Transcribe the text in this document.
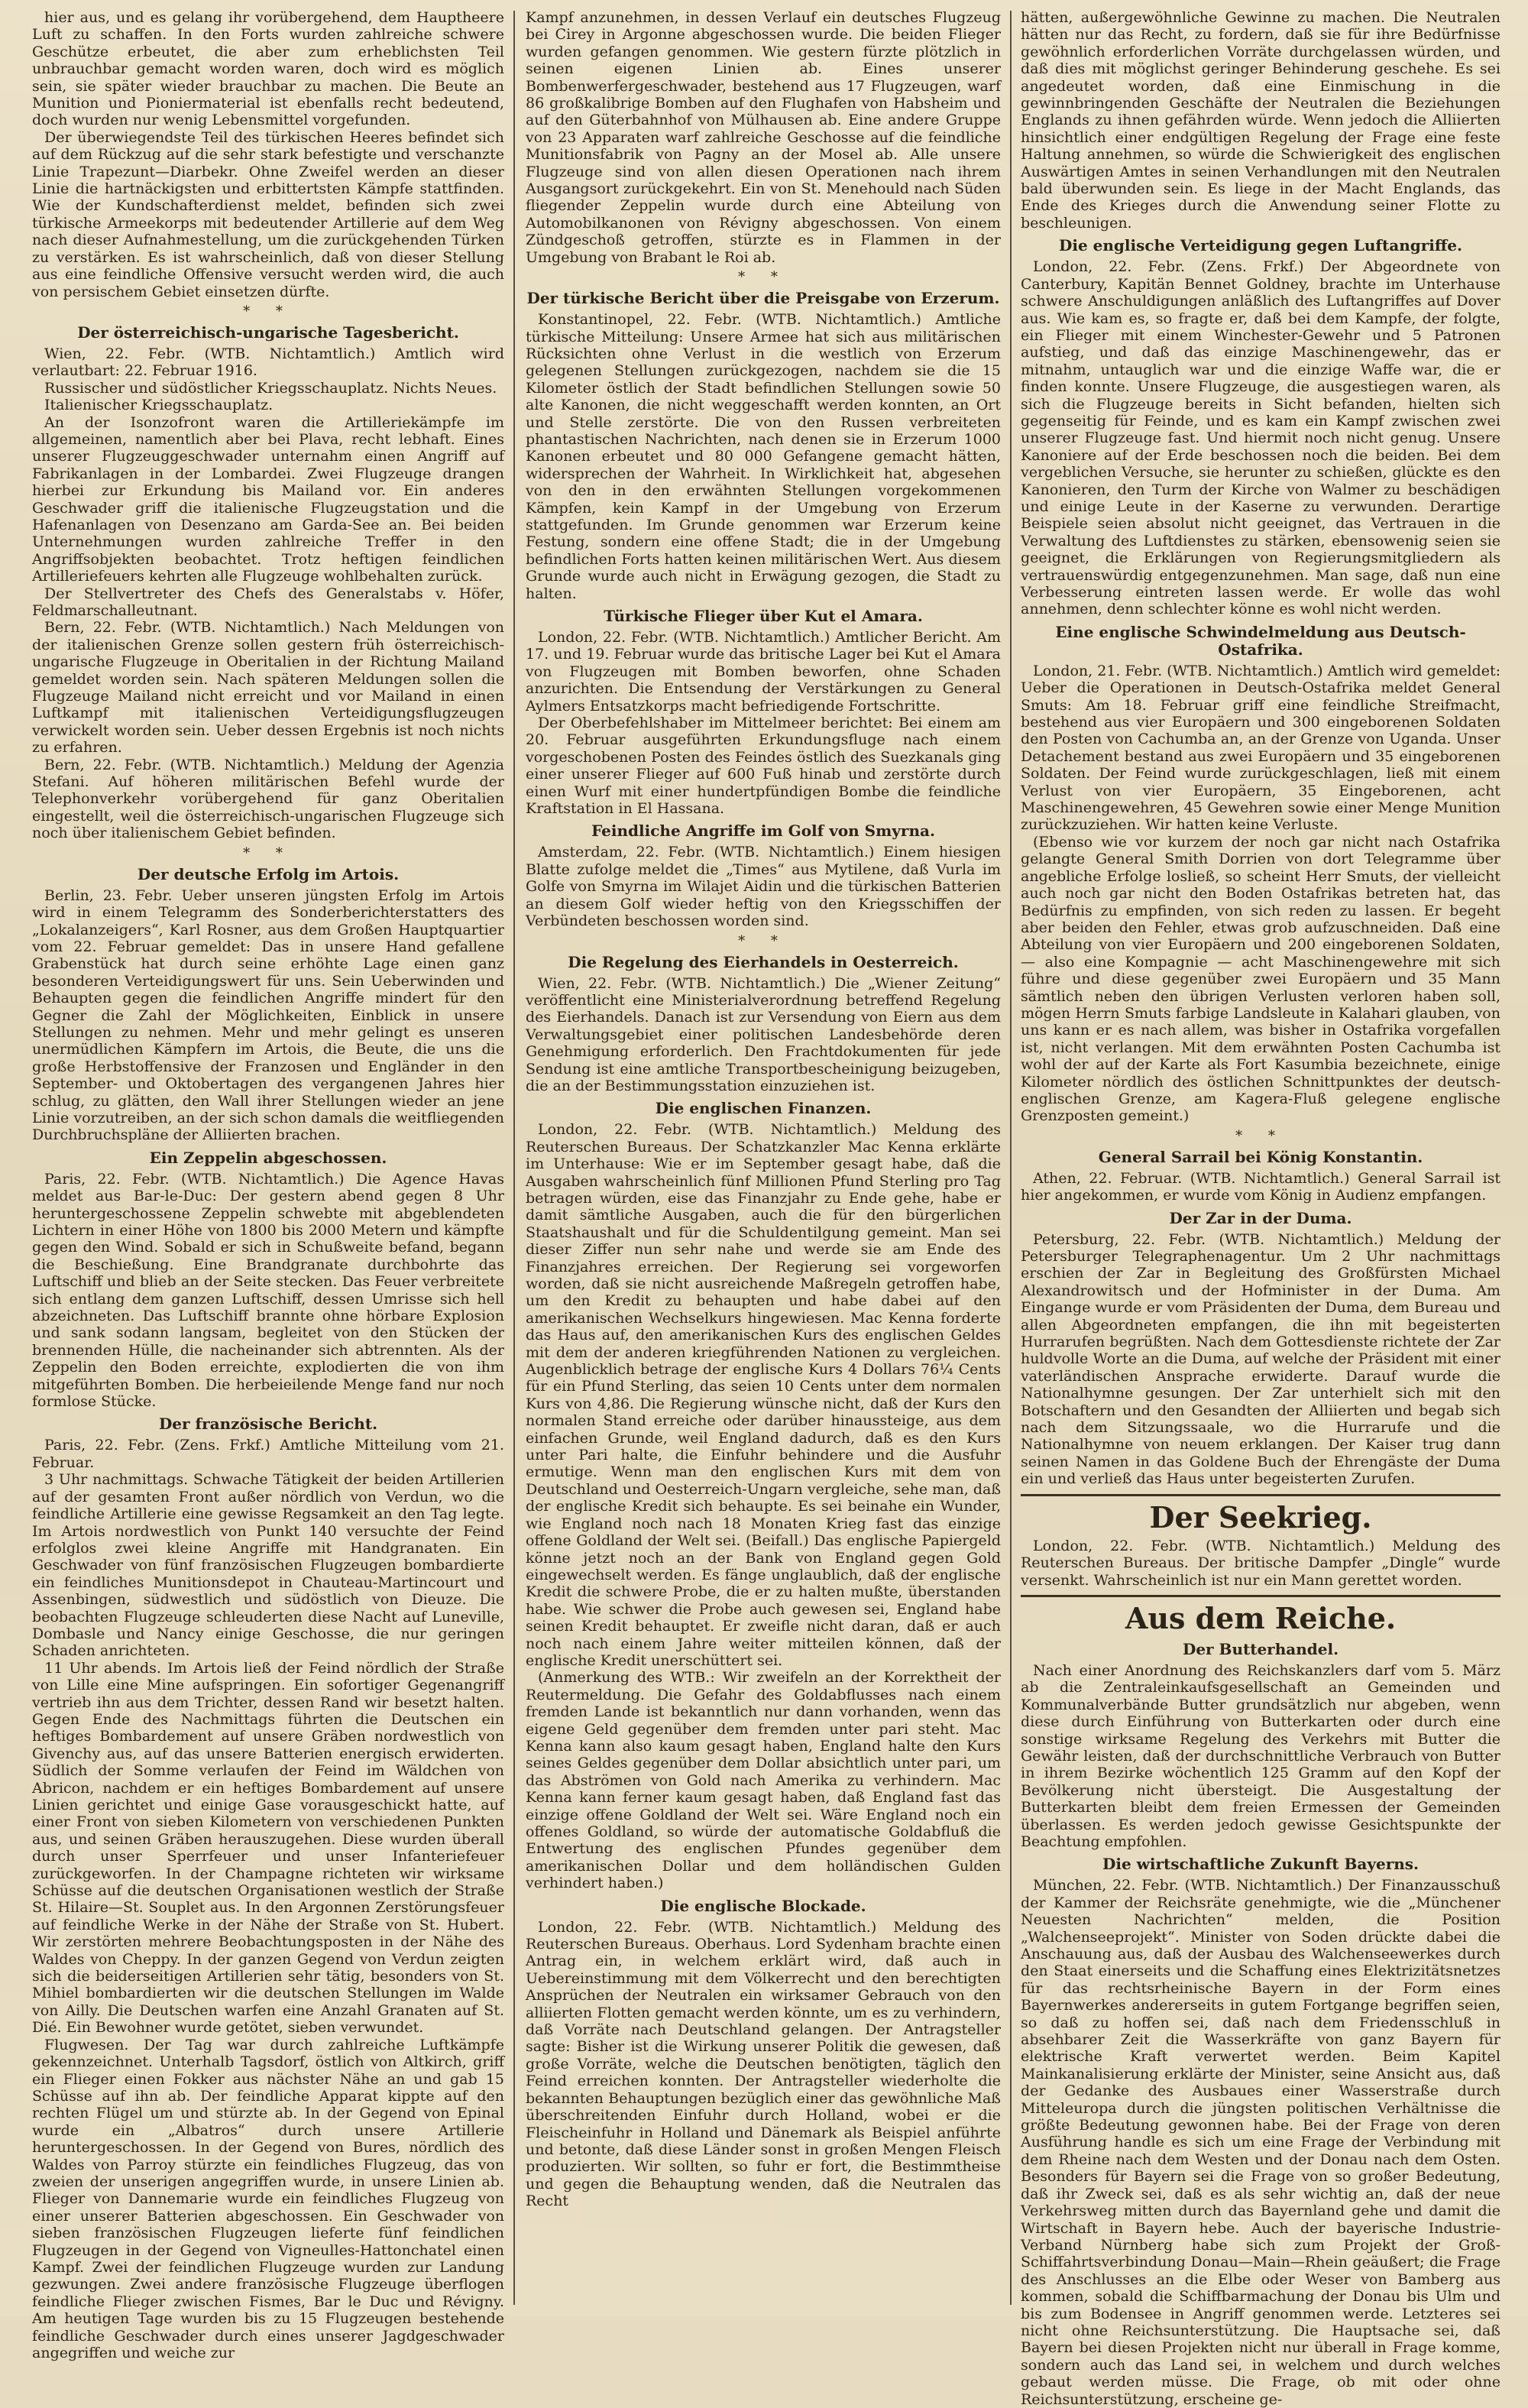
hier aus, und es gelang ihr vorübergehend, dem Hauptheere Luft zu schaffen. In den Forts wurden zahlreiche schwere Geschütze erbeutet, die aber zum erheblichsten Teil unbrauchbar gemacht worden waren, doch wird es möglich sein, sie später wieder brauchbar zu machen. Die Beute an Munition und Pioniermaterial ist ebenfalls recht bedeutend, doch wurden nur wenig Lebensmittel vorgefunden.

Der überwiegendste Teil des türkischen Heeres befindet sich auf dem Rückzug auf die sehr stark befestigte und verschanzte Linie Trapezunt—Diarbekr. Ohne Zweifel werden an dieser Linie die hartnäckigsten und erbittertsten Kämpfe stattfinden. Wie der Kundschafterdienst meldet, befinden sich zwei türkische Armeekorps mit bedeutender Artillerie auf dem Weg nach dieser Aufnahmestellung, um die zurückgehenden Türken zu verstärken. Es ist wahrscheinlich, daß von dieser Stellung aus eine feindliche Offensive versucht werden wird, die auch von persischem Gebiet einsetzen dürfte.

* *
Der österreichisch-ungarische Tagesbericht.

Wien, 22. Febr. (WTB. Nichtamtlich.) Amtlich wird verlautbart: 22. Februar 1916.

Russischer und südöstlicher Kriegsschauplatz. Nichts Neues.

Italienischer Kriegsschauplatz.

An der Isonzofront waren die Artilleriekämpfe im allgemeinen, namentlich aber bei Plava, recht lebhaft. Eines unserer Flugzeuggeschwader unternahm einen Angriff auf Fabrikanlagen in der Lombardei. Zwei Flugzeuge drangen hierbei zur Erkundung bis Mailand vor. Ein anderes Geschwader griff die italienische Flugzeugstation und die Hafenanlagen von Desenzano am Garda-See an. Bei beiden Unternehmungen wurden zahlreiche Treffer in den Angriffsobjekten beobachtet. Trotz heftigen feindlichen Artilleriefeuers kehrten alle Flugzeuge wohlbehalten zurück.

Der Stellvertreter des Chefs des Generalstabs v. Höfer, Feldmarschalleutnant.

Bern, 22. Febr. (WTB. Nichtamtlich.) Nach Meldungen von der italienischen Grenze sollen gestern früh österreichisch-ungarische Flugzeuge in Oberitalien in der Richtung Mailand gemeldet worden sein. Nach späteren Meldungen sollen die Flugzeuge Mailand nicht erreicht und vor Mailand in einen Luftkampf mit italienischen Verteidigungsflugzeugen verwickelt worden sein. Ueber dessen Ergebnis ist noch nichts zu erfahren.

Bern, 22. Febr. (WTB. Nichtamtlich.) Meldung der Agenzia Stefani. Auf höheren militärischen Befehl wurde der Telephonverkehr vorübergehend für ganz Oberitalien eingestellt, weil die österreichisch-ungarischen Flugzeuge sich noch über italienischem Gebiet befinden.

* *
Der deutsche Erfolg im Artois.

Berlin, 23. Febr. Ueber unseren jüngsten Erfolg im Artois wird in einem Telegramm des Sonderberichterstatters des „Lokalanzeigers“, Karl Rosner, aus dem Großen Hauptquartier vom 22. Februar gemeldet: Das in unsere Hand gefallene Grabenstück hat durch seine erhöhte Lage einen ganz besonderen Verteidigungswert für uns. Sein Ueberwinden und Behaupten gegen die feindlichen Angriffe mindert für den Gegner die Zahl der Möglichkeiten, Einblick in unsere Stellungen zu nehmen. Mehr und mehr gelingt es unseren unermüdlichen Kämpfern im Artois, die Beute, die uns die große Herbstoffensive der Franzosen und Engländer in den September- und Oktobertagen des vergangenen Jahres hier schlug, zu glätten, den Wall ihrer Stellungen wieder an jene Linie vorzutreiben, an der sich schon damals die weitfliegenden Durchbruchspläne der Alliierten brachen.

Ein Zeppelin abgeschossen.

Paris, 22. Febr. (WTB. Nichtamtlich.) Die Agence Havas meldet aus Bar-le-Duc: Der gestern abend gegen 8 Uhr heruntergeschossene Zeppelin schwebte mit abgeblendeten Lichtern in einer Höhe von 1800 bis 2000 Metern und kämpfte gegen den Wind. Sobald er sich in Schußweite befand, begann die Beschießung. Eine Brandgranate durchbohrte das Luftschiff und blieb an der Seite stecken. Das Feuer verbreitete sich entlang dem ganzen Luftschiff, dessen Umrisse sich hell abzeichneten. Das Luftschiff brannte ohne hörbare Explosion und sank sodann langsam, begleitet von den Stücken der brennenden Hülle, die nacheinander sich abtrennten. Als der Zeppelin den Boden erreichte, explodierten die von ihm mitgeführten Bomben. Die herbeieilende Menge fand nur noch formlose Stücke.

Der französische Bericht.

Paris, 22. Febr. (Zens. Frkf.) Amtliche Mitteilung vom 21. Februar.

3 Uhr nachmittags. Schwache Tätigkeit der beiden Artillerien auf der gesamten Front außer nördlich von Verdun, wo die feindliche Artillerie eine gewisse Regsamkeit an den Tag legte. Im Artois nordwestlich von Punkt 140 versuchte der Feind erfolglos zwei kleine Angriffe mit Handgranaten. Ein Geschwader von fünf französischen Flugzeugen bombardierte ein feindliches Munitionsdepot in Chauteau-Martincourt und Assenbingen, südwestlich und südöstlich von Dieuze. Die beobachten Flugzeuge schleuderten diese Nacht auf Luneville, Dombasle und Nancy einige Geschosse, die nur geringen Schaden anrichteten.

11 Uhr abends. Im Artois ließ der Feind nördlich der Straße von Lille eine Mine aufspringen. Ein sofortiger Gegenangriff vertrieb ihn aus dem Trichter, dessen Rand wir besetzt halten. Gegen Ende des Nachmittags führten die Deutschen ein heftiges Bombardement auf unsere Gräben nordwestlich von Givenchy aus, auf das unsere Batterien energisch erwiderten. Südlich der Somme verlaufen der Feind im Wäldchen von Abricon, nachdem er ein heftiges Bombardement auf unsere Linien gerichtet und einige Gase vorausgeschickt hatte, auf einer Front von sieben Kilometern von verschiedenen Punkten aus, und seinen Gräben herauszugehen. Diese wurden überall durch unser Sperrfeuer und unser Infanteriefeuer zurückgeworfen. In der Champagne richteten wir wirksame Schüsse auf die deutschen Organisationen westlich der Straße St. Hilaire—St. Souplet aus. In den Argonnen Zerstörungsfeuer auf feindliche Werke in der Nähe der Straße von St. Hubert. Wir zerstörten mehrere Beobachtungsposten in der Nähe des Waldes von Cheppy. In der ganzen Gegend von Verdun zeigten sich die beiderseitigen Artillerien sehr tätig, besonders von St. Mihiel bombardierten wir die deutschen Stellungen im Walde von Ailly. Die Deutschen warfen eine Anzahl Granaten auf St. Dié. Ein Bewohner wurde getötet, sieben verwundet.

Flugwesen. Der Tag war durch zahlreiche Luftkämpfe gekennzeichnet. Unterhalb Tagsdorf, östlich von Altkirch, griff ein Flieger einen Fokker aus nächster Nähe an und gab 15 Schüsse auf ihn ab. Der feindliche Apparat kippte auf den rechten Flügel um und stürzte ab. In der Gegend von Epinal wurde ein „Albatros“ durch unsere Artillerie heruntergeschossen. In der Gegend von Bures, nördlich des Waldes von Parroy stürzte ein feindliches Flugzeug, das von zweien der unserigen angegriffen wurde, in unsere Linien ab. Flieger von Dannemarie wurde ein feindliches Flugzeug von einer unserer Batterien abgeschossen. Ein Geschwader von sieben französischen Flugzeugen lieferte fünf feindlichen Flugzeugen in der Gegend von Vigneulles-Hattonchatel einen Kampf. Zwei der feindlichen Flugzeuge wurden zur Landung gezwungen. Zwei andere französische Flugzeuge überflogen feindliche Flieger zwischen Fismes, Bar le Duc und Révigny. Am heutigen Tage wurden bis zu 15 Flugzeugen bestehende feindliche Geschwader durch eines unserer Jagdgeschwader angegriffen und weiche zur

Kampf anzunehmen, in dessen Verlauf ein deutsches Flugzeug bei Cirey in Argonne abgeschossen wurde. Die beiden Flieger wurden gefangen genommen. Wie gestern fürzte plötzlich in seinen eigenen Linien ab. Eines unserer Bombenwerfergeschwader, bestehend aus 17 Flugzeugen, warf 86 großkalibrige Bomben auf den Flughafen von Habsheim und auf den Güterbahnhof von Mülhausen ab. Eine andere Gruppe von 23 Apparaten warf zahlreiche Geschosse auf die feindliche Munitionsfabrik von Pagny an der Mosel ab. Alle unsere Flugzeuge sind von allen diesen Operationen nach ihrem Ausgangsort zurückgekehrt. Ein von St. Menehould nach Süden fliegender Zeppelin wurde durch eine Abteilung von Automobilkanonen von Révigny abgeschossen. Von einem Zündgeschoß getroffen, stürzte es in Flammen in der Umgebung von Brabant le Roi ab.

* *
Der türkische Bericht über die Preisgabe von Erzerum.

Konstantinopel, 22. Febr. (WTB. Nichtamtlich.) Amtliche türkische Mitteilung: Unsere Armee hat sich aus militärischen Rücksichten ohne Verlust in die westlich von Erzerum gelegenen Stellungen zurückgezogen, nachdem sie die 15 Kilometer östlich der Stadt befindlichen Stellungen sowie 50 alte Kanonen, die nicht weggeschafft werden konnten, an Ort und Stelle zerstörte. Die von den Russen verbreiteten phantastischen Nachrichten, nach denen sie in Erzerum 1000 Kanonen erbeutet und 80 000 Gefangene gemacht hätten, widersprechen der Wahrheit. In Wirklichkeit hat, abgesehen von den in den erwähnten Stellungen vorgekommenen Kämpfen, kein Kampf in der Umgebung von Erzerum stattgefunden. Im Grunde genommen war Erzerum keine Festung, sondern eine offene Stadt; die in der Umgebung befindlichen Forts hatten keinen militärischen Wert. Aus diesem Grunde wurde auch nicht in Erwägung gezogen, die Stadt zu halten.

Türkische Flieger über Kut el Amara.

London, 22. Febr. (WTB. Nichtamtlich.) Amtlicher Bericht. Am 17. und 19. Februar wurde das britische Lager bei Kut el Amara von Flugzeugen mit Bomben beworfen, ohne Schaden anzurichten. Die Entsendung der Verstärkungen zu General Aylmers Entsatzkorps macht befriedigende Fortschritte.

Der Oberbefehlshaber im Mittelmeer berichtet: Bei einem am 20. Februar ausgeführten Erkundungsfluge nach einem vorgeschobenen Posten des Feindes östlich des Suezkanals ging einer unserer Flieger auf 600 Fuß hinab und zerstörte durch einen Wurf mit einer hundertpfündigen Bombe die feindliche Kraftstation in El Hassana.

Feindliche Angriffe im Golf von Smyrna.

Amsterdam, 22. Febr. (WTB. Nichtamtlich.) Einem hiesigen Blatte zufolge meldet die „Times“ aus Mytilene, daß Vurla im Golfe von Smyrna im Wilajet Aidin und die türkischen Batterien an diesem Golf wieder heftig von den Kriegsschiffen der Verbündeten beschossen worden sind.

* *
Die Regelung des Eierhandels in Oesterreich.

Wien, 22. Febr. (WTB. Nichtamtlich.) Die „Wiener Zeitung“ veröffentlicht eine Ministerialverordnung betreffend Regelung des Eierhandels. Danach ist zur Versendung von Eiern aus dem Verwaltungsgebiet einer politischen Landesbehörde deren Genehmigung erforderlich. Den Frachtdokumenten für jede Sendung ist eine amtliche Transportbescheinigung beizugeben, die an der Bestimmungsstation einzuziehen ist.

Die englischen Finanzen.

London, 22. Febr. (WTB. Nichtamtlich.) Meldung des Reuterschen Bureaus. Der Schatzkanzler Mac Kenna erklärte im Unterhause: Wie er im September gesagt habe, daß die Ausgaben wahrscheinlich fünf Millionen Pfund Sterling pro Tag betragen würden, eise das Finanzjahr zu Ende gehe, habe er damit sämtliche Ausgaben, auch die für den bürgerlichen Staatshaushalt und für die Schuldentilgung gemeint. Man sei dieser Ziffer nun sehr nahe und werde sie am Ende des Finanzjahres erreichen. Der Regierung sei vorgeworfen worden, daß sie nicht ausreichende Maßregeln getroffen habe, um den Kredit zu behaupten und habe dabei auf den amerikanischen Wechselkurs hingewiesen. Mac Kenna forderte das Haus auf, den amerikanischen Kurs des englischen Geldes mit dem der anderen kriegführenden Nationen zu vergleichen. Augenblicklich betrage der englische Kurs 4 Dollars 76¼ Cents für ein Pfund Sterling, das seien 10 Cents unter dem normalen Kurs von 4,86. Die Regierung wünsche nicht, daß der Kurs den normalen Stand erreiche oder darüber hinaussteige, aus dem einfachen Grunde, weil England dadurch, daß es den Kurs unter Pari halte, die Einfuhr behindere und die Ausfuhr ermutige. Wenn man den englischen Kurs mit dem von Deutschland und Oesterreich-Ungarn vergleiche, sehe man, daß der englische Kredit sich behaupte. Es sei beinahe ein Wunder, wie England noch nach 18 Monaten Krieg fast das einzige offene Goldland der Welt sei. (Beifall.) Das englische Papiergeld könne jetzt noch an der Bank von England gegen Gold eingewechselt werden. Es fänge unglaublich, daß der englische Kredit die schwere Probe, die er zu halten mußte, überstanden habe. Wie schwer die Probe auch gewesen sei, England habe seinen Kredit behauptet. Er zweifle nicht daran, daß er auch noch nach einem Jahre weiter mitteilen können, daß der englische Kredit unerschüttert sei.

(Anmerkung des WTB.: Wir zweifeln an der Korrektheit der Reutermeldung. Die Gefahr des Goldabflusses nach einem fremden Lande ist bekanntlich nur dann vorhanden, wenn das eigene Geld gegenüber dem fremden unter pari steht. Mac Kenna kann also kaum gesagt haben, England halte den Kurs seines Geldes gegenüber dem Dollar absichtlich unter pari, um das Abströmen von Gold nach Amerika zu verhindern. Mac Kenna kann ferner kaum gesagt haben, daß England fast das einzige offene Goldland der Welt sei. Wäre England noch ein offenes Goldland, so würde der automatische Goldabfluß die Entwertung des englischen Pfundes gegenüber dem amerikanischen Dollar und dem holländischen Gulden verhindert haben.)

Die englische Blockade.

London, 22. Febr. (WTB. Nichtamtlich.) Meldung des Reuterschen Bureaus. Oberhaus. Lord Sydenham brachte einen Antrag ein, in welchem erklärt wird, daß auch in Uebereinstimmung mit dem Völkerrecht und den berechtigten Ansprüchen der Neutralen ein wirksamer Gebrauch von den alliierten Flotten gemacht werden könnte, um es zu verhindern, daß Vorräte nach Deutschland gelangen. Der Antragsteller sagte: Bisher ist die Wirkung unserer Politik die gewesen, daß große Vorräte, welche die Deutschen benötigten, täglich den Feind erreichen konnten. Der Antragsteller wiederholte die bekannten Behauptungen bezüglich einer das gewöhnliche Maß überschreitenden Einfuhr durch Holland, wobei er die Fleischeinfuhr in Holland und Dänemark als Beispiel anführte und betonte, daß diese Länder sonst in großen Mengen Fleisch produzierten. Wir sollten, so fuhr er fort, die Bestimmtheise und gegen die Behauptung wenden, daß die Neutralen das Recht

hätten, außergewöhnliche Gewinne zu machen. Die Neutralen hätten nur das Recht, zu fordern, daß sie für ihre Bedürfnisse gewöhnlich erforderlichen Vorräte durchgelassen würden, und daß dies mit möglichst geringer Behinderung geschehe. Es sei angedeutet worden, daß eine Einmischung in die gewinnbringenden Geschäfte der Neutralen die Beziehungen Englands zu ihnen gefährden würde. Wenn jedoch die Alliierten hinsichtlich einer endgültigen Regelung der Frage eine feste Haltung annehmen, so würde die Schwierigkeit des englischen Auswärtigen Amtes in seinen Verhandlungen mit den Neutralen bald überwunden sein. Es liege in der Macht Englands, das Ende des Krieges durch die Anwendung seiner Flotte zu beschleunigen.

Die englische Verteidigung gegen Luftangriffe.

London, 22. Febr. (Zens. Frkf.) Der Abgeordnete von Canterbury, Kapitän Bennet Goldney, brachte im Unterhause schwere Anschuldigungen anläßlich des Luftangriffes auf Dover aus. Wie kam es, so fragte er, daß bei dem Kampfe, der folgte, ein Flieger mit einem Winchester-Gewehr und 5 Patronen aufstieg, und daß das einzige Maschinengewehr, das er mitnahm, untauglich war und die einzige Waffe war, die er finden konnte. Unsere Flugzeuge, die ausgestiegen waren, als sich die Flugzeuge bereits in Sicht befanden, hielten sich gegenseitig für Feinde, und es kam ein Kampf zwischen zwei unserer Flugzeuge fast. Und hiermit noch nicht genug. Unsere Kanoniere auf der Erde beschossen noch die beiden. Bei dem vergeblichen Versuche, sie herunter zu schießen, glückte es den Kanonieren, den Turm der Kirche von Walmer zu beschädigen und einige Leute in der Kaserne zu verwunden. Derartige Beispiele seien absolut nicht geeignet, das Vertrauen in die Verwaltung des Luftdienstes zu stärken, ebensowenig seien sie geeignet, die Erklärungen von Regierungsmitgliedern als vertrauenswürdig entgegenzunehmen. Man sage, daß nun eine Verbesserung eintreten lassen werde. Er wolle das wohl annehmen, denn schlechter könne es wohl nicht werden.

Eine englische Schwindelmeldung aus Deutsch-Ostafrika.

London, 21. Febr. (WTB. Nichtamtlich.) Amtlich wird gemeldet: Ueber die Operationen in Deutsch-Ostafrika meldet General Smuts: Am 18. Februar griff eine feindliche Streifmacht, bestehend aus vier Europäern und 300 eingeborenen Soldaten den Posten von Cachumba an, an der Grenze von Uganda. Unser Detachement bestand aus zwei Europäern und 35 eingeborenen Soldaten. Der Feind wurde zurückgeschlagen, ließ mit einem Verlust von vier Europäern, 35 Eingeborenen, acht Maschinengewehren, 45 Gewehren sowie einer Menge Munition zurückzuziehen. Wir hatten keine Verluste.

(Ebenso wie vor kurzem der noch gar nicht nach Ostafrika gelangte General Smith Dorrien von dort Telegramme über angebliche Erfolge losließ, so scheint Herr Smuts, der vielleicht auch noch gar nicht den Boden Ostafrikas betreten hat, das Bedürfnis zu empfinden, von sich reden zu lassen. Er begeht aber beiden den Fehler, etwas grob aufzuschneiden. Daß eine Abteilung von vier Europäern und 200 eingeborenen Soldaten, — also eine Kompagnie — acht Maschinengewehre mit sich führe und diese gegenüber zwei Europäern und 35 Mann sämtlich neben den übrigen Verlusten verloren haben soll, mögen Herrn Smuts farbige Landsleute in Kalahari glauben, von uns kann er es nach allem, was bisher in Ostafrika vorgefallen ist, nicht verlangen. Mit dem erwähnten Posten Cachumba ist wohl der auf der Karte als Fort Kasumbia bezeichnete, einige Kilometer nördlich des östlichen Schnittpunktes der deutsch-englischen Grenze, am Kagera-Fluß gelegene englische Grenzposten gemeint.)

* *
General Sarrail bei König Konstantin.

Athen, 22. Februar. (WTB. Nichtamtlich.) General Sarrail ist hier angekommen, er wurde vom König in Audienz empfangen.

Der Zar in der Duma.

Petersburg, 22. Febr. (WTB. Nichtamtlich.) Meldung der Petersburger Telegraphenagentur. Um 2 Uhr nachmittags erschien der Zar in Begleitung des Großfürsten Michael Alexandrowitsch und der Hofminister in der Duma. Am Eingange wurde er vom Präsidenten der Duma, dem Bureau und allen Abgeordneten empfangen, die ihn mit begeisterten Hurrarufen begrüßten. Nach dem Gottesdienste richtete der Zar huldvolle Worte an die Duma, auf welche der Präsident mit einer vaterländischen Ansprache erwiderte. Darauf wurde die Nationalhymne gesungen. Der Zar unterhielt sich mit den Botschaftern und den Gesandten der Alliierten und begab sich nach dem Sitzungssaale, wo die Hurrarufe und die Nationalhymne von neuem erklangen. Der Kaiser trug dann seinen Namen in das Goldene Buch der Ehrengäste der Duma ein und verließ das Haus unter begeisterten Zurufen.

Der Seekrieg.

London, 22. Febr. (WTB. Nichtamtlich.) Meldung des Reuterschen Bureaus. Der britische Dampfer „Dingle“ wurde versenkt. Wahrscheinlich ist nur ein Mann gerettet worden.

Aus dem Reiche.
Der Butterhandel.

Nach einer Anordnung des Reichskanzlers darf vom 5. März ab die Zentraleinkaufsgesellschaft an Gemeinden und Kommunalverbände Butter grundsätzlich nur abgeben, wenn diese durch Einführung von Butterkarten oder durch eine sonstige wirksame Regelung des Verkehrs mit Butter die Gewähr leisten, daß der durchschnittliche Verbrauch von Butter in ihrem Bezirke wöchentlich 125 Gramm auf den Kopf der Bevölkerung nicht übersteigt. Die Ausgestaltung der Butterkarten bleibt dem freien Ermessen der Gemeinden überlassen. Es werden jedoch gewisse Gesichtspunkte der Beachtung empfohlen.

Die wirtschaftliche Zukunft Bayerns.

München, 22. Febr. (WTB. Nichtamtlich.) Der Finanzausschuß der Kammer der Reichsräte genehmigte, wie die „Münchener Neuesten Nachrichten“ melden, die Position „Walchenseeprojekt“. Minister von Soden drückte dabei die Anschauung aus, daß der Ausbau des Walchenseewerkes durch den Staat einerseits und die Schaffung eines Elektrizitätsnetzes für das rechtsrheinische Bayern in der Form eines Bayernwerkes andererseits in gutem Fortgange begriffen seien, so daß zu hoffen sei, daß nach dem Friedensschluß in absehbarer Zeit die Wasserkräfte von ganz Bayern für elektrische Kraft verwertet werden. Beim Kapitel Mainkanalisierung erklärte der Minister, seine Ansicht aus, daß der Gedanke des Ausbaues einer Wasserstraße durch Mitteleuropa durch die jüngsten politischen Verhältnisse die größte Bedeutung gewonnen habe. Bei der Frage von deren Ausführung handle es sich um eine Frage der Verbindung mit dem Rheine nach dem Westen und der Donau nach dem Osten. Besonders für Bayern sei die Frage von so großer Bedeutung, daß ihr Zweck sei, daß es als sehr wichtig an, daß der neue Verkehrsweg mitten durch das Bayernland gehe und damit die Wirtschaft in Bayern hebe. Auch der bayerische Industrie-Verband Nürnberg habe sich zum Projekt der Groß-Schiffahrtsverbindung Donau—Main—Rhein geäußert; die Frage des Anschlusses an die Elbe oder Weser von Bamberg aus kommen, sobald die Schiffbarmachung der Donau bis Ulm und bis zum Bodensee in Angriff genommen werde. Letzteres sei nicht ohne Reichsunterstützung. Die Hauptsache sei, daß Bayern bei diesen Projekten nicht nur überall in Frage komme, sondern auch das Land sei, in welchem und durch welches gebaut werden müsse. Die Frage, ob mit oder ohne Reichsunterstützung, erscheine ge-
